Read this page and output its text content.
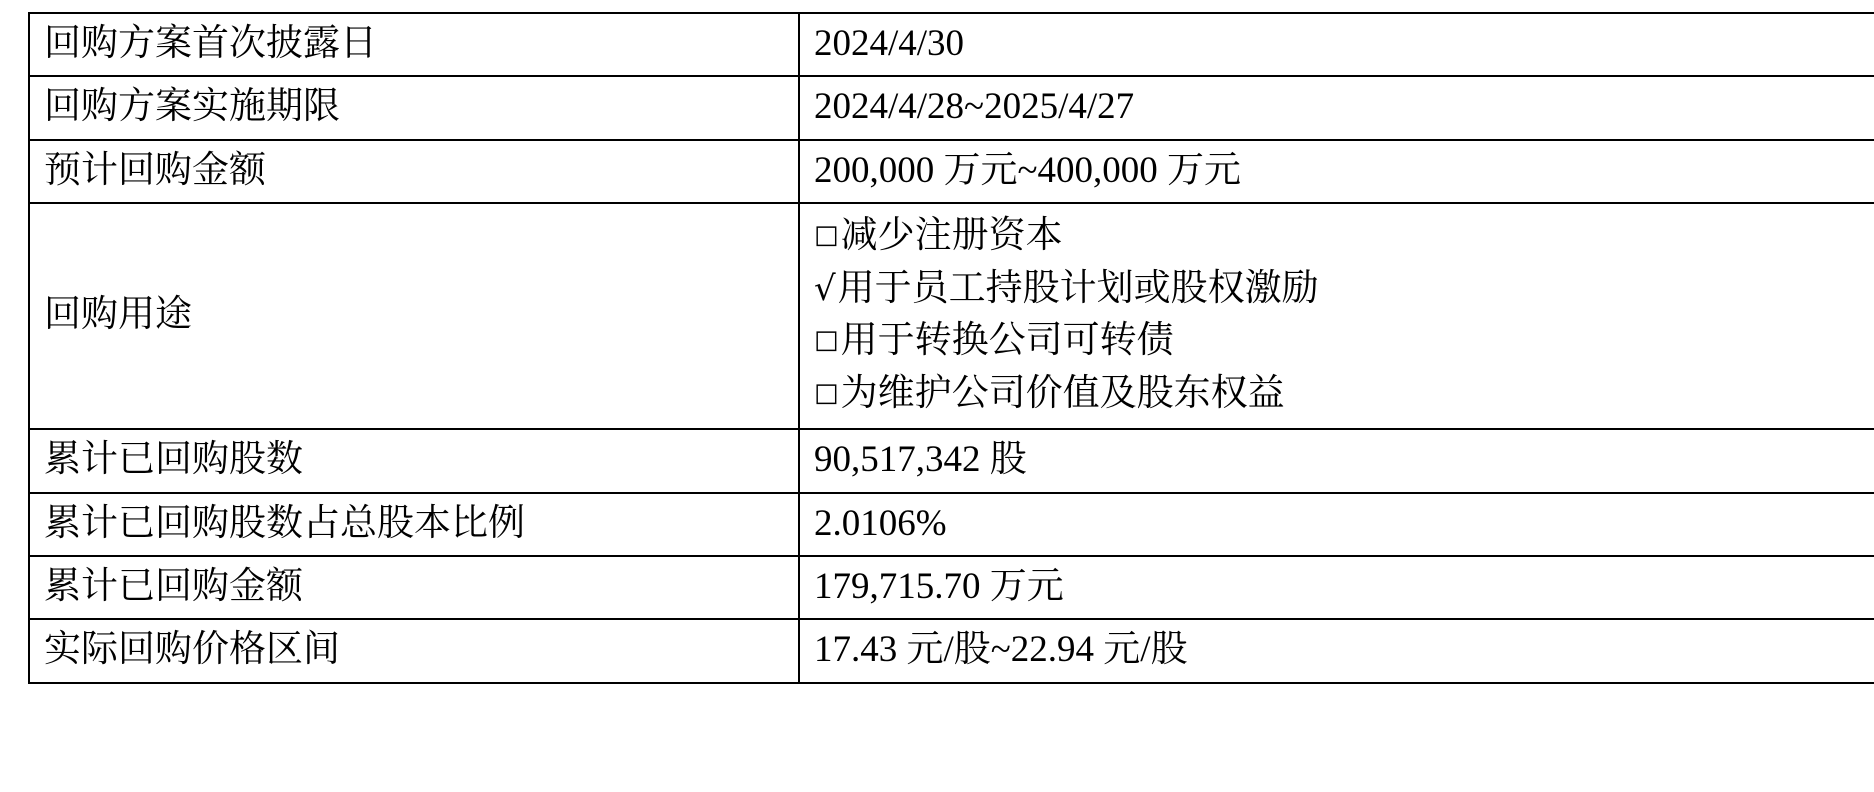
回购方案首次披露日	2024/4/30
回购方案实施期限	2024/4/28~2025/4/27
预计回购金额	200,000 万元~400,000 万元
回购用途	□减少注册资本
√用于员工持股计划或股权激励
□用于转换公司可转债
□为维护公司价值及股东权益

累计已回购股数	90,517,342 股
累计已回购股数占总股本比例	2.0106%
累计已回购金额	179,715.70 万元
实际回购价格区间	17.43 元/股~22.94 元/股
